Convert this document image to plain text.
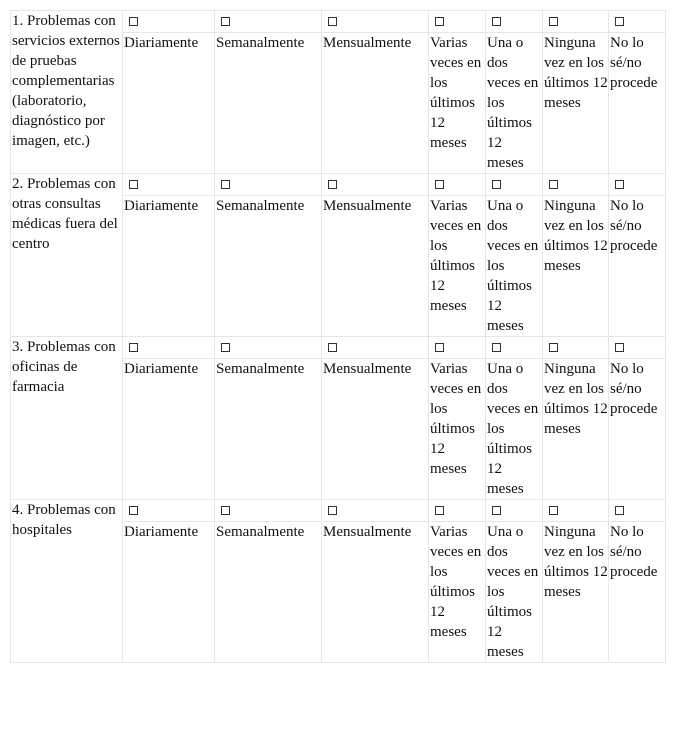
1. Problemas con servicios externos de pruebas complementarias (laboratorio, diagnóstico por imagen, etc.)							
	Diariamente	Semanalmente	Mensualmente	Varias veces en los últimos 12 meses	Una o dos veces en los últimos 12 meses	Ninguna vez en los últimos 12 meses	No lo sé/no procede
2. Problemas con otras consultas médicas fuera del centro							
	Diariamente	Semanalmente	Mensualmente	Varias veces en los últimos 12 meses	Una o dos veces en los últimos 12 meses	Ninguna vez en los últimos 12 meses	No lo sé/no procede
3. Problemas con oficinas de farmacia							
	Diariamente	Semanalmente	Mensualmente	Varias veces en los últimos 12 meses	Una o dos veces en los últimos 12 meses	Ninguna vez en los últimos 12 meses	No lo sé/no procede
4. Problemas con hospitales							
	Diariamente	Semanalmente	Mensualmente	Varias veces en los últimos 12 meses	Una o dos veces en los últimos 12 meses	Ninguna vez en los últimos 12 meses	No lo sé/no procede
